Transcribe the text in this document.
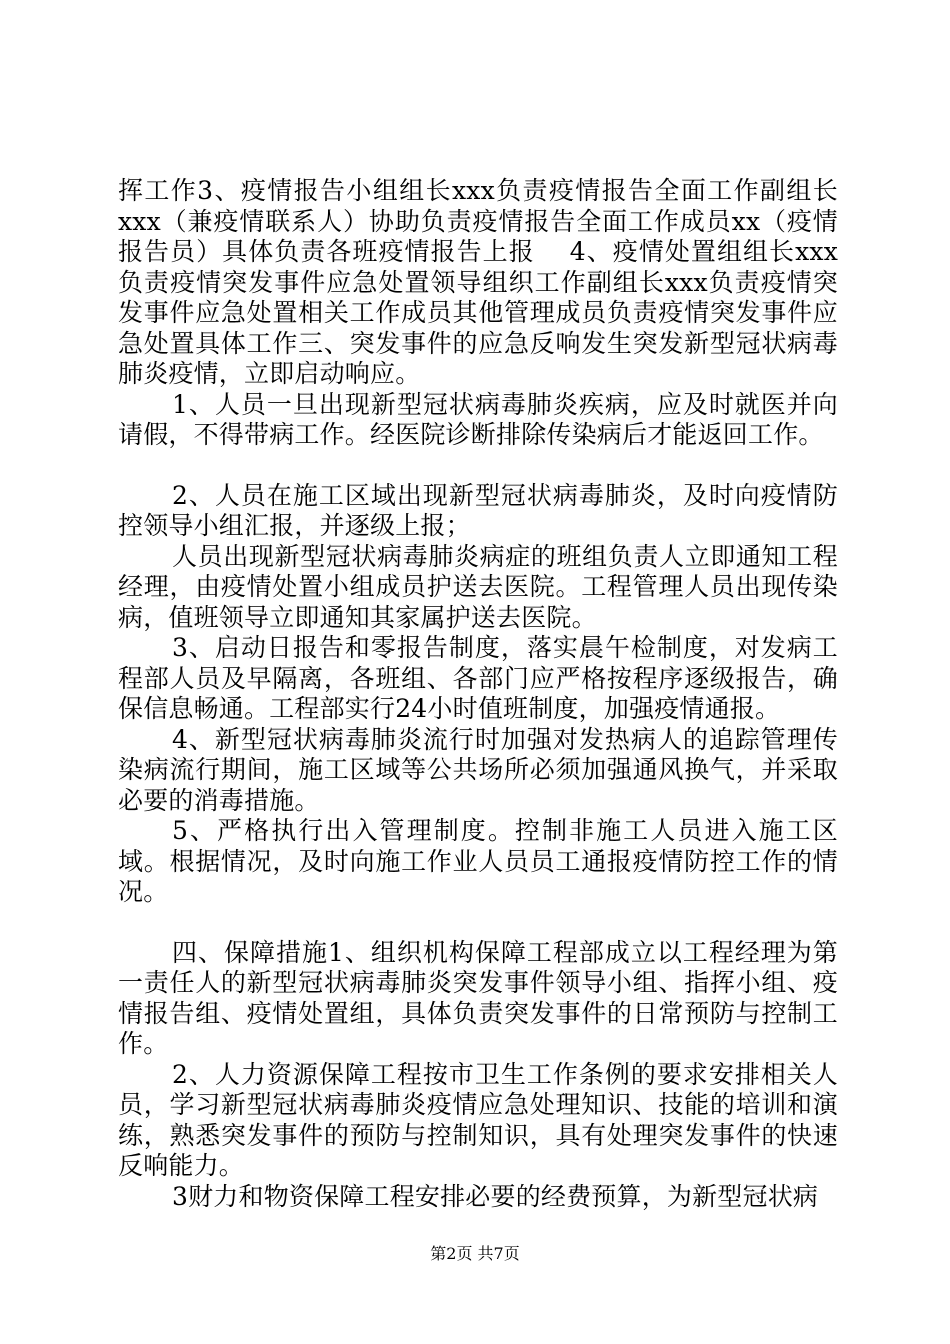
挥工作3、疫情报告小组组长xxx负责疫情报告全面工作副组长xxx（兼疫情联系人）协助负责疫情报告全面工作成员xx（疫情报告员）具体负责各班疫情报告上报　 4、疫情处置组组长xxx负责疫情突发事件应急处置领导组织工作副组长xxx负责疫情突发事件应急处置相关工作成员其他管理成员负责疫情突发事件应急处置具体工作三、突发事件的应急反响发生突发新型冠状病毒肺炎疫情，立即启动响应。

1、人员一旦出现新型冠状病毒肺炎疾病，应及时就医并向请假，不得带病工作。经医院诊断排除传染病后才能返回工作。

2、人员在施工区域出现新型冠状病毒肺炎，及时向疫情防控领导小组汇报，并逐级上报；

人员出现新型冠状病毒肺炎病症的班组负责人立即通知工程经理，由疫情处置小组成员护送去医院。工程管理人员出现传染病，值班领导立即通知其家属护送去医院。

3、启动日报告和零报告制度，落实晨午检制度，对发病工程部人员及早隔离，各班组、各部门应严格按程序逐级报告，确保信息畅通。工程部实行24小时值班制度，加强疫情通报。

4、新型冠状病毒肺炎流行时加强对发热病人的追踪管理传染病流行期间，施工区域等公共场所必须加强通风换气，并采取必要的消毒措施。

5、严格执行出入管理制度。控制非施工人员进入施工区域。根据情况，及时向施工作业人员员工通报疫情防控工作的情况。

四、保障措施1、组织机构保障工程部成立以工程经理为第一责任人的新型冠状病毒肺炎突发事件领导小组、指挥小组、疫情报告组、疫情处置组，具体负责突发事件的日常预防与控制工作。

2、人力资源保障工程按市卫生工作条例的要求安排相关人员，学习新型冠状病毒肺炎疫情应急处理知识、技能的培训和演练，熟悉突发事件的预防与控制知识，具有处理突发事件的快速反响能力。

3财力和物资保障工程安排必要的经费预算，为新型冠状病

第2页 共7页
